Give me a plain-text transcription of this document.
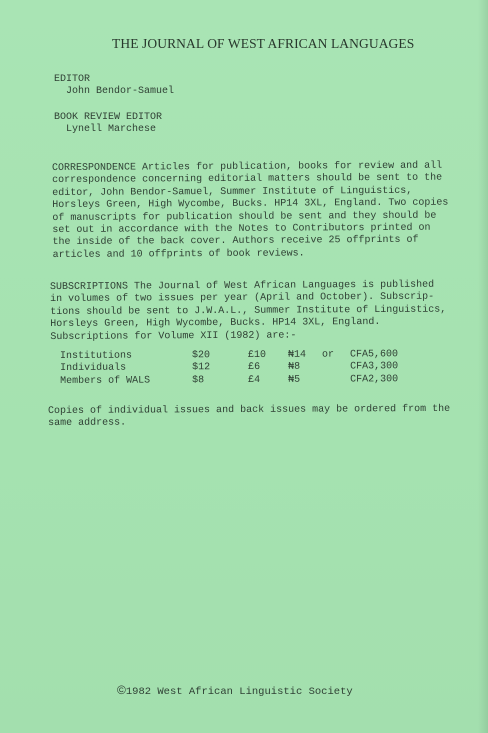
THE JOURNAL OF WEST AFRICAN LANGUAGES
EDITOR
John Bendor-Samuel
BOOK REVIEW EDITOR
Lynell Marchese
CORRESPONDENCE Articles for publication, books for review and all
correspondence concerning editorial matters should be sent to the
editor, John Bendor-Samuel, Summer Institute of Linguistics,
Horsleys Green, High Wycombe, Bucks. HP14 3XL, England. Two copies
of manuscripts for publication should be sent and they should be
set out in accordance with the Notes to Contributors printed on
the inside of the back cover. Authors receive 25 offprints of
articles and 10 offprints of book reviews.
SUBSCRIPTIONS The Journal of West African Languages is published
in volumes of two issues per year (April and October). Subscrip-
tions should be sent to J.W.A.L., Summer Institute of Linguistics,
Horsleys Green, High Wycombe, Bucks. HP14 3XL, England.
Subscriptions for Volume XII (1982) are:-
Institutions	$20	£10 ₦14 or CFA5,600
Individuals	$12	£6	₦8	CFA3,300
Members of WALS	$8	£4	₦5	CFA2,300
Copies of individual issues and back issues may be ordered from the
same address.
©1982 West African Linguistic Society
